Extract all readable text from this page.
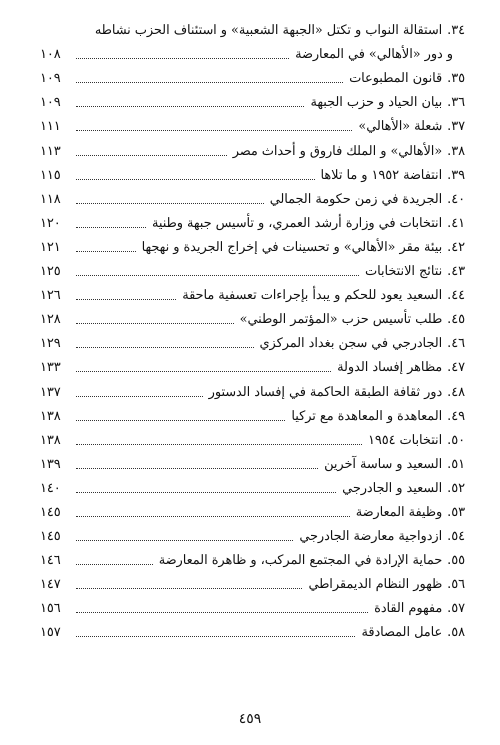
٣٤.
استقالة النواب و تكتل «الجبهة الشعبية» و استئناف الحزب نشاطه
و دور «الأهالي» في المعارضة
١٠٨
٣٥.
قانون المطبوعات
١٠٩
٣٦.
بيان الحياد و حزب الجبهة
١٠٩
٣٧.
شعلة «الأهالي»
١١١
٣٨.
«الأهالي» و الملك فاروق و أحداث مصر
١١٣
٣٩.
انتفاضة ١٩٥٢ و ما تلاها
١١٥
٤٠.
الجريدة في زمن حكومة الجمالي
١١٨
٤١.
انتخابات في وزارة أرشد العمري، و تأسيس جبهة وطنية
١٢٠
٤٢.
بيئة مقر «الأهالي» و تحسينات في إخراج الجريدة و نهجها
١٢١
٤٣.
نتائج الانتخابات
١٢٥
٤٤.
السعيد يعود للحكم و يبدأ بإجراءات تعسفية ماحقة
١٢٦
٤٥.
طلب تأسيس حزب «المؤتمر الوطني»
١٢٨
٤٦.
الجادرجي في سجن بغداد المركزي
١٢٩
٤٧.
مظاهر إفساد الدولة
١٣٣
٤٨.
دور ثقافة الطبقة الحاكمة في إفساد الدستور
١٣٧
٤٩.
المعاهدة و المعاهدة مع تركيا
١٣٨
٥٠.
انتخابات ١٩٥٤
١٣٨
٥١.
السعيد و ساسة آخرين
١٣٩
٥٢.
السعيد و الجادرجي
١٤٠
٥٣.
وظيفة المعارضة
١٤٥
٥٤.
ازدواجية معارضة الجادرجي
١٤٥
٥٥.
حماية الإرادة في المجتمع المركب، و ظاهرة المعارضة
١٤٦
٥٦.
ظهور النظام الديمقراطي
١٤٧
٥٧.
مفهوم القادة
١٥٦
٥٨.
عامل المصادقة
١٥٧
٤٥٩
